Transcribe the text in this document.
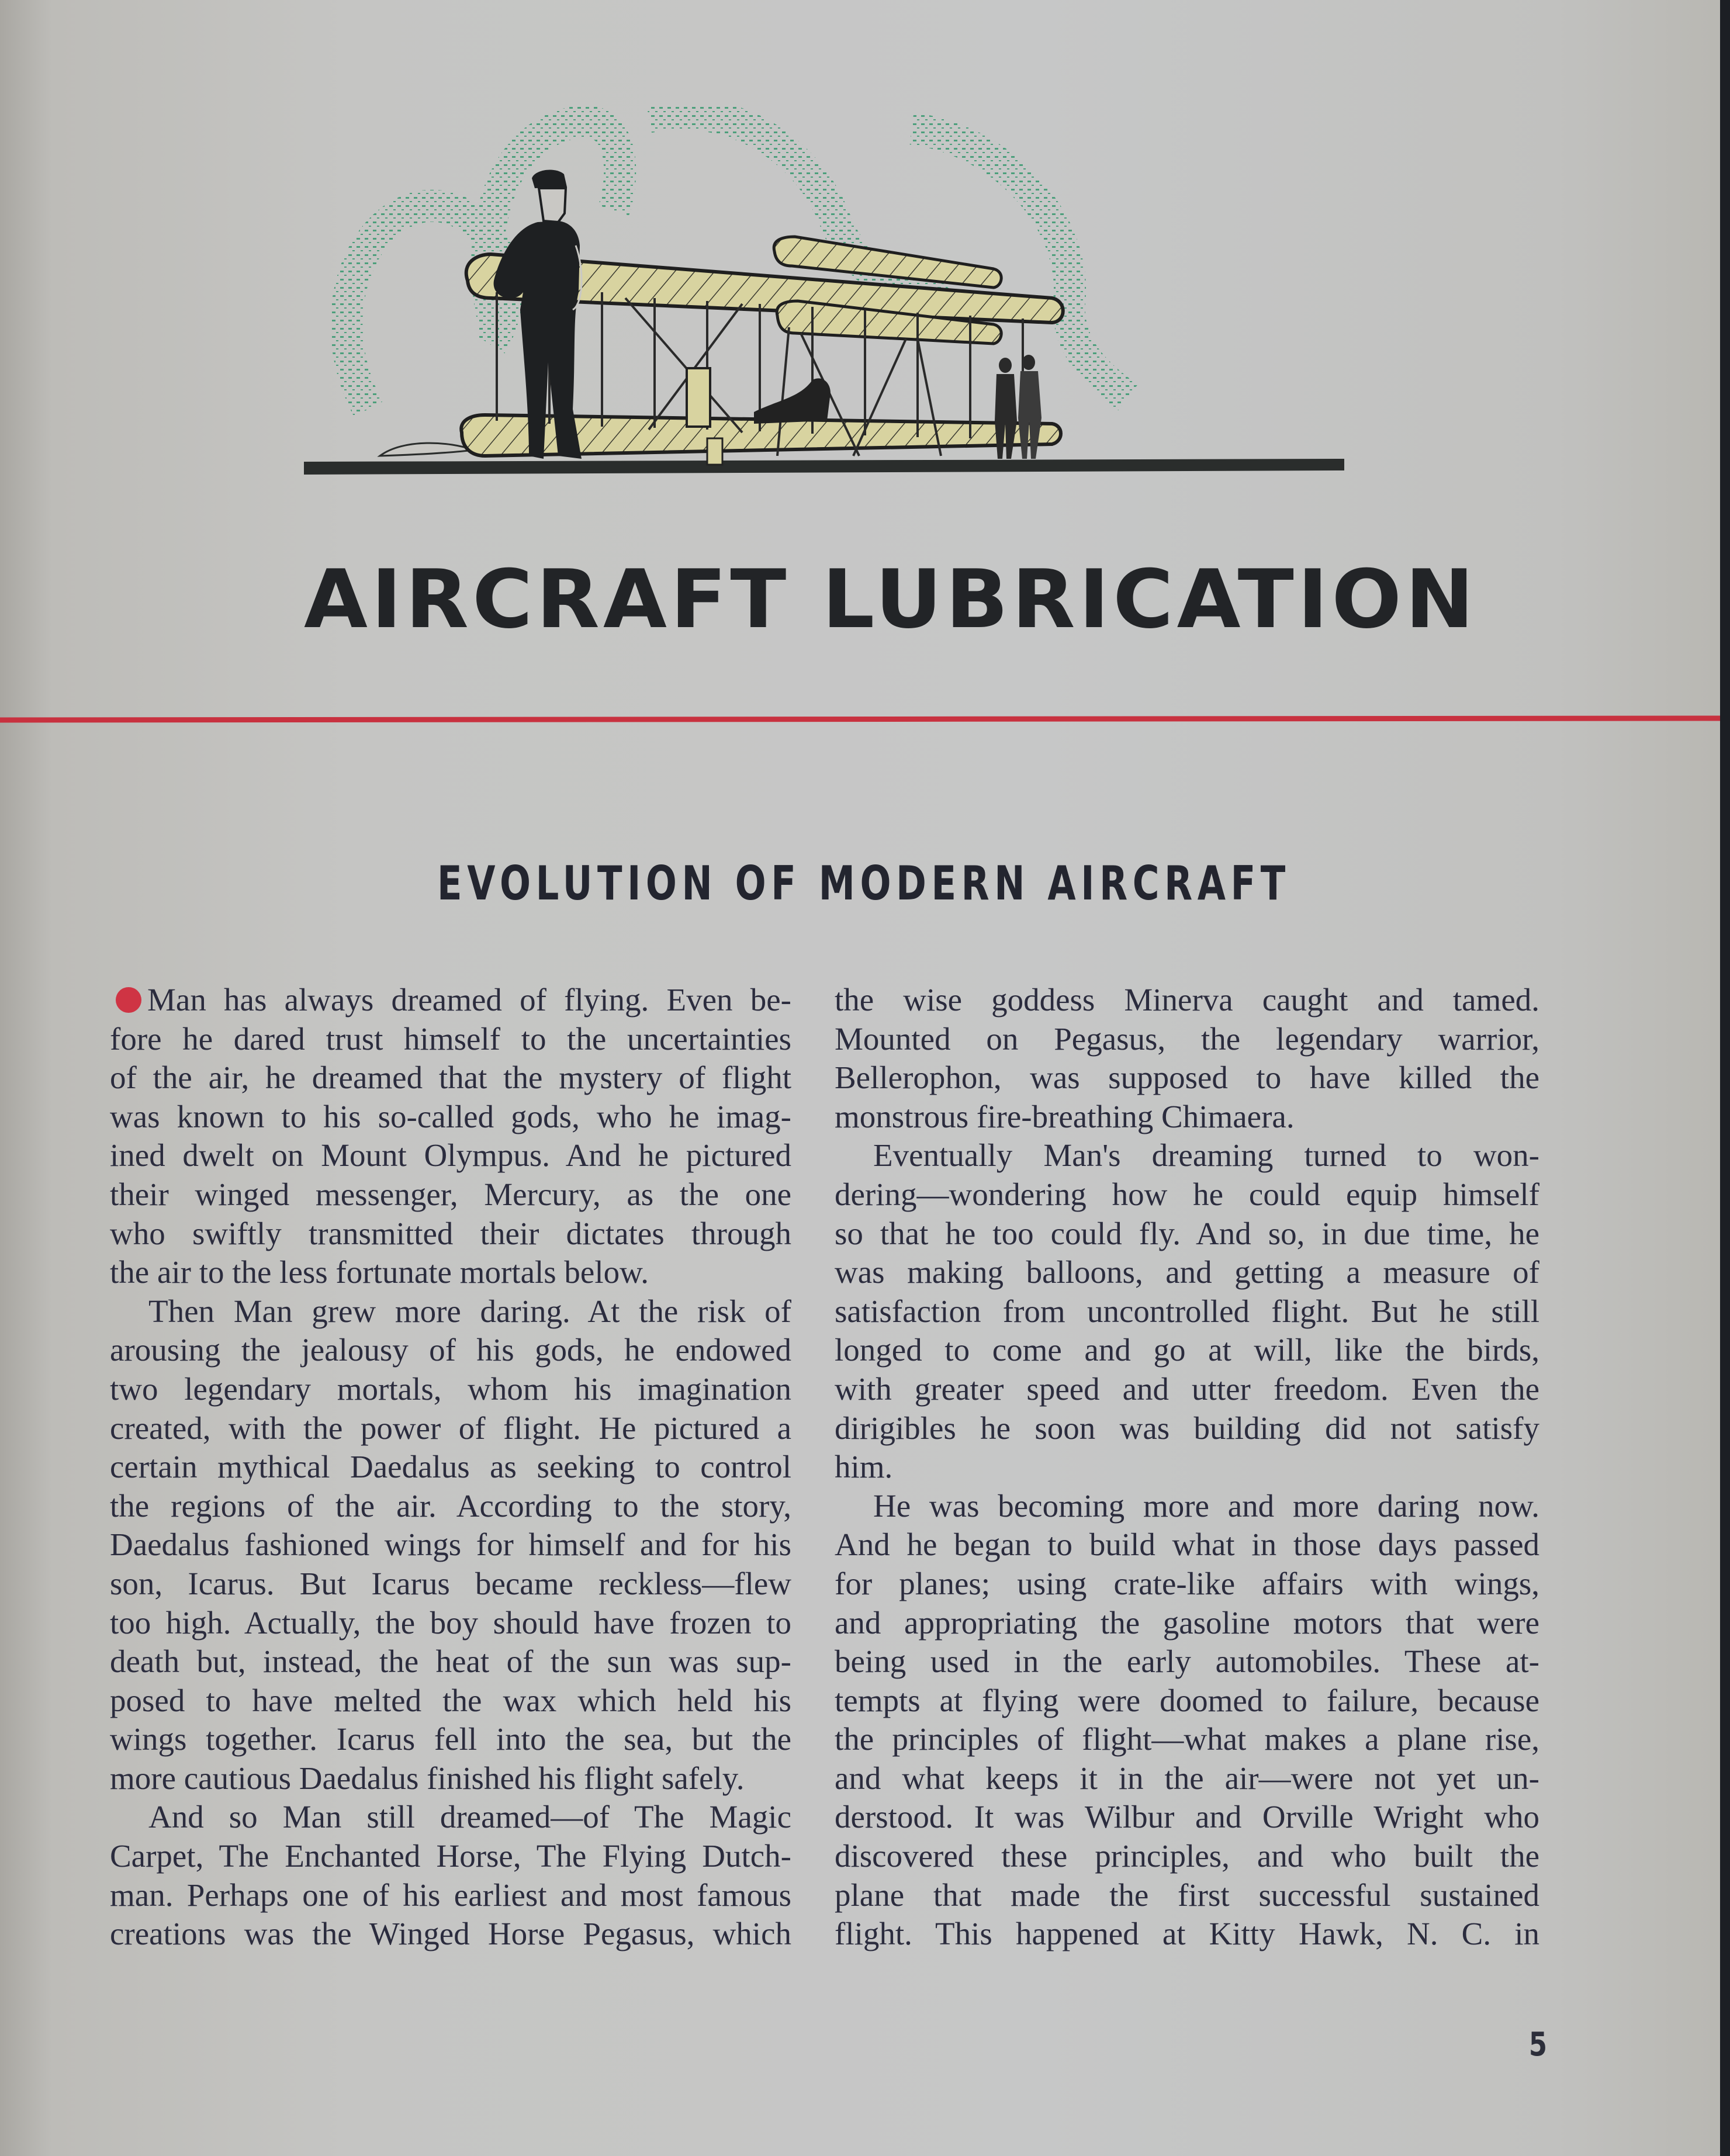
AIRCRAFT LUBRICATION
EVOLUTION OF MODERN AIRCRAFT
Man has always dreamed of flying. Even be-
fore he dared trust himself to the uncertainties
of the air, he dreamed that the mystery of flight
was known to his so-called gods, who he imag-
ined dwelt on Mount Olympus. And he pictured
their winged messenger, Mercury, as the one
who swiftly transmitted their dictates through
the air to the less fortunate mortals below.
Then Man grew more daring. At the risk of
arousing the jealousy of his gods, he endowed
two legendary mortals, whom his imagination
created, with the power of flight. He pictured a
certain mythical Daedalus as seeking to control
the regions of the air. According to the story,
Daedalus fashioned wings for himself and for his
son, Icarus. But Icarus became reckless—flew
too high. Actually, the boy should have frozen to
death but, instead, the heat of the sun was sup-
posed to have melted the wax which held his
wings together. Icarus fell into the sea, but the
more cautious Daedalus finished his flight safely.
And so Man still dreamed—of The Magic
Carpet, The Enchanted Horse, The Flying Dutch-
man. Perhaps one of his earliest and most famous
creations was the Winged Horse Pegasus, which
the wise goddess Minerva caught and tamed.
Mounted on Pegasus, the legendary warrior,
Bellerophon, was supposed to have killed the
monstrous fire-breathing Chimaera.
Eventually Man's dreaming turned to won-
dering—wondering how he could equip himself
so that he too could fly. And so, in due time, he
was making balloons, and getting a measure of
satisfaction from uncontrolled flight. But he still
longed to come and go at will, like the birds,
with greater speed and utter freedom. Even the
dirigibles he soon was building did not satisfy
him.
He was becoming more and more daring now.
And he began to build what in those days passed
for planes; using crate-like affairs with wings,
and appropriating the gasoline motors that were
being used in the early automobiles. These at-
tempts at flying were doomed to failure, because
the principles of flight—what makes a plane rise,
and what keeps it in the air—were not yet un-
derstood. It was Wilbur and Orville Wright who
discovered these principles, and who built the
plane that made the first successful sustained
flight. This happened at Kitty Hawk, N. C. in
5
